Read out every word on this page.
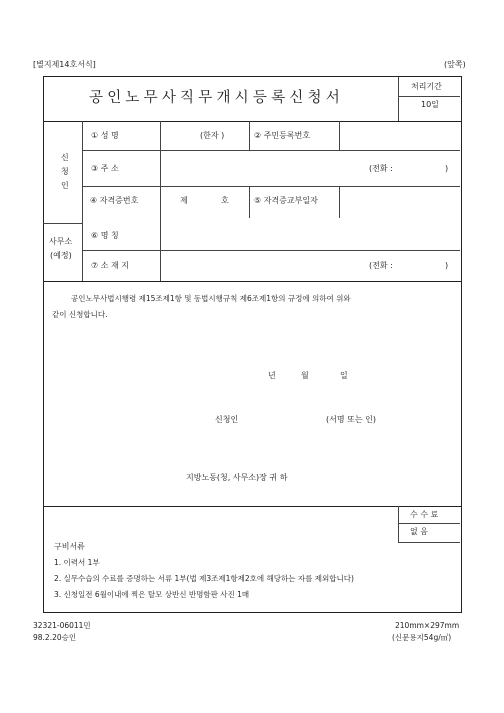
[별지제14호서식]	(앞쪽)
공인노무사직무개시등록신청서
처리기간
10일
신
청
인
사무소
(예정)
① 성 명	(한자 )	② 주민등록번호
③ 주 소	(전화 :	)
④ 자격증번호	제	호	⑤ 자격증교부일자
⑥ 명 칭
⑦ 소 재 지	(전화 :	)
공인노무사법시행령 제15조제1항 및 동법시행규칙 제6조제1항의 규정에 의하여 위와
같이 신청합니다.
년	월	일
신청인	(서명 또는 인)
지방노동(청, 사무소)장 귀 하
수 수 료
없 음
구비서류
1. 이력서 1부
2. 실무수습의 수료를 증명하는 서류 1부(법 제3조제1항제2호에 해당하는 자를 제외합니다)
3. 신청일전 6월이내에 찍은 탈모 상반신 반명함판 사진 1매
32321-06011민
98.2.20승인
210mm×297mm
(신문용지54g/㎡)
